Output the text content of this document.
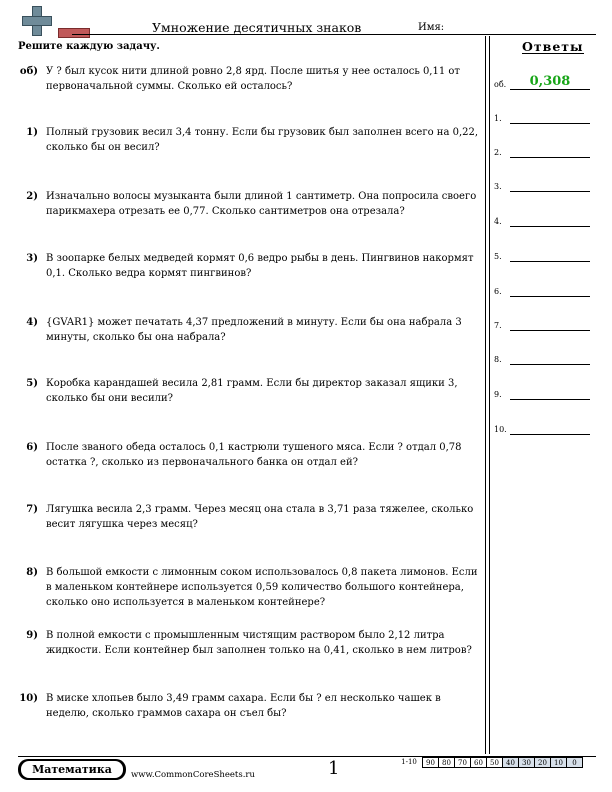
Умножение десятичных знаков	Имя:
Решите каждую задачу.
об) У ? был кусок нити длиной ровно 2,8 ярд. После шитья у нее осталось 0,11 от первоначальной суммы. Сколько ей осталось?
1) Полный грузовик весил 3,4 тонну. Если бы грузовик был заполнен всего на 0,22, сколько бы он весил?
2) Изначально волосы музыканта были длиной 1 сантиметр. Она попросила своего парикмахера отрезать ее 0,77. Сколько сантиметров она отрезала?
3) В зоопарке белых медведей кормят 0,6 ведро рыбы в день. Пингвинов накормят 0,1. Сколько ведра кормят пингвинов?
4) {GVAR1} может печатать 4,37 предложений в минуту. Если бы она набрала 3 минуты, сколько бы она набрала?
5) Коробка карандашей весила 2,81 грамм. Если бы директор заказал ящики 3, сколько бы они весили?
6) После званого обеда осталось 0,1 кастрюли тушеного мяса. Если ? отдал 0,78 остатка ?, сколько из первоначального банка он отдал ей?
7) Лягушка весила 2,3 грамм. Через месяц она стала в 3,71 раза тяжелее, сколько весит лягушка через месяц?
8) В большой емкости с лимонным соком использовалось 0,8 пакета лимонов. Если в маленьком контейнере используется 0,59 количество большого контейнера, сколько оно используется в маленьком контейнере?
9) В полной емкости с промышленным чистящим раствором было 2,12 литра жидкости. Если контейнер был заполнен только на 0,41, сколько в нем литров?
10) В миске хлопьев было 3,49 грамм сахара. Если бы ? ел несколько чашек в неделю, сколько граммов сахара он съел бы?
Ответы
об.	0,308
1.
2.
3.
4.
5.
6.
7.
8.
9.
10.
Математика	www.CommonCoreSheets.ru	1	1-10	90	80	70	60	50	40	30	20	10	0
